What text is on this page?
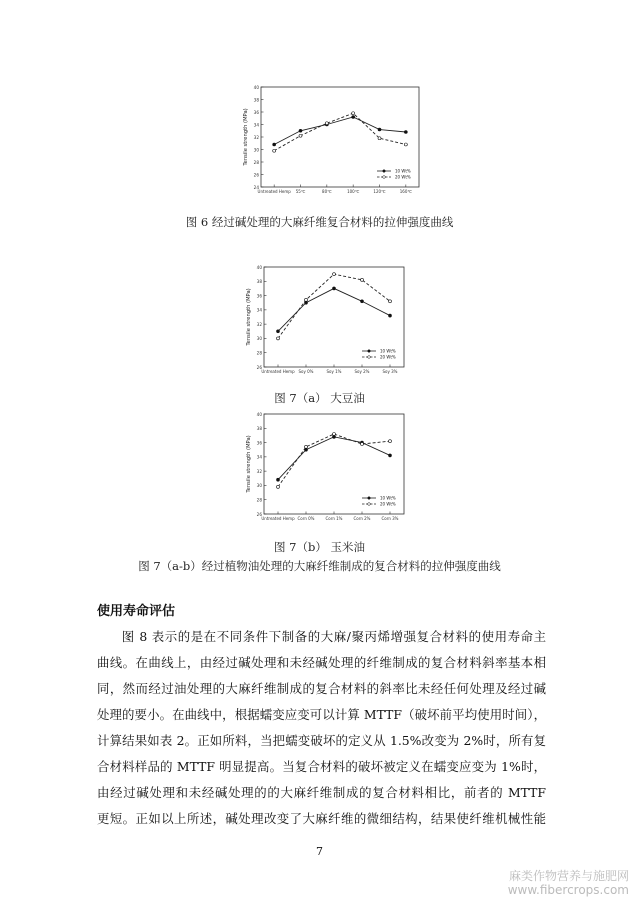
24
26
28
30
32
34
36
38
40
Untreated Hemp 55℃	80℃	100℃	120℃	160℃
Tensile strength (MPa)
10 Wt%
20 Wt%
图 6 经过碱处理的大麻纤维复合材料的拉伸强度曲线
26
28
30
32
34
36
38
40
Untreated Hemp Soy 0%	Soy 1%	Soy 2%	Soy 3%
Tensile strength (MPa)
10 Wt%
20 Wt%
图 7（a） 大豆油
26
28
30
32
34
36
38
40
Untreated Hemp Corn 0%	Corn 1%	Corn 2%	Corn 3%
Tensile strength (MPa)
10 Wt%
20 Wt%
图 7（b） 玉米油
图 7（a-b）经过植物油处理的大麻纤维制成的复合材料的拉伸强度曲线
使用寿命评估
图 8 表示的是在不同条件下制备的大麻/聚丙烯增强复合材料的使用寿命主
曲线。在曲线上，由经过碱处理和未经碱处理的纤维制成的复合材料斜率基本相
同，然而经过油处理的大麻纤维制成的复合材料的斜率比未经任何处理及经过碱
处理的要小。在曲线中，根据蠕变应变可以计算 MTTF（破坏前平均使用时间），
计算结果如表 2。正如所料，当把蠕变破坏的定义从 1.5%改变为 2%时，所有复
合材料样品的 MTTF 明显提高。当复合材料的破坏被定义在蠕变应变为 1%时，
由经过碱处理和未经碱处理的的大麻纤维制成的复合材料相比，前者的 MTTF
更短。正如以上所述，碱处理改变了大麻纤维的微细结构，结果使纤维机械性能
7
麻类作物营养与施肥网
www.fibercrops.com
